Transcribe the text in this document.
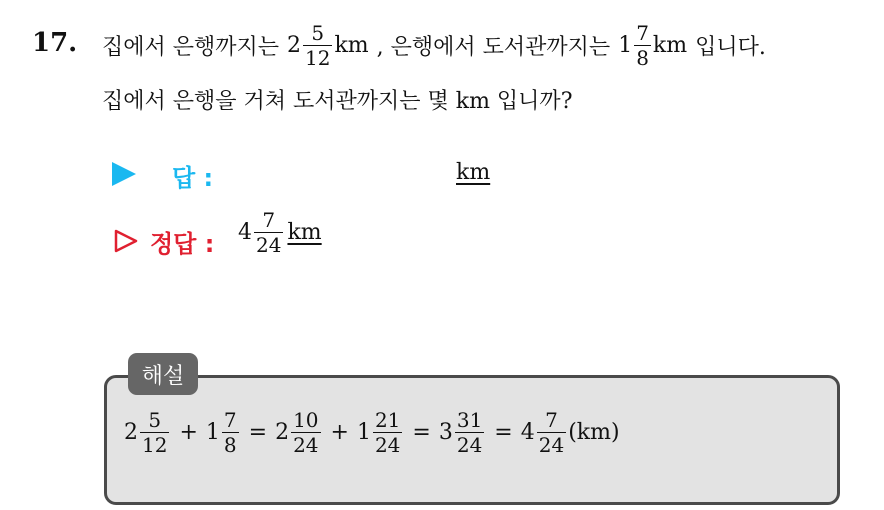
17. 집에서 은행까지는 $2 \frac{5}{12}$ km , 은행에서 도서관까지는 $1 \frac{7}{8}$ km 입니다.
집에서 은행을 거쳐 도서관까지는 몇 km 입니까?
답 :	km
정답 : $4 \frac{7}{24}$ km
해설
$2 \frac{5}{12} + 1 \frac{7}{8} = 2 \frac{10}{24} + 1 \frac{21}{24} = 3 \frac{31}{24} = 4 \frac{7}{24} (km)$
